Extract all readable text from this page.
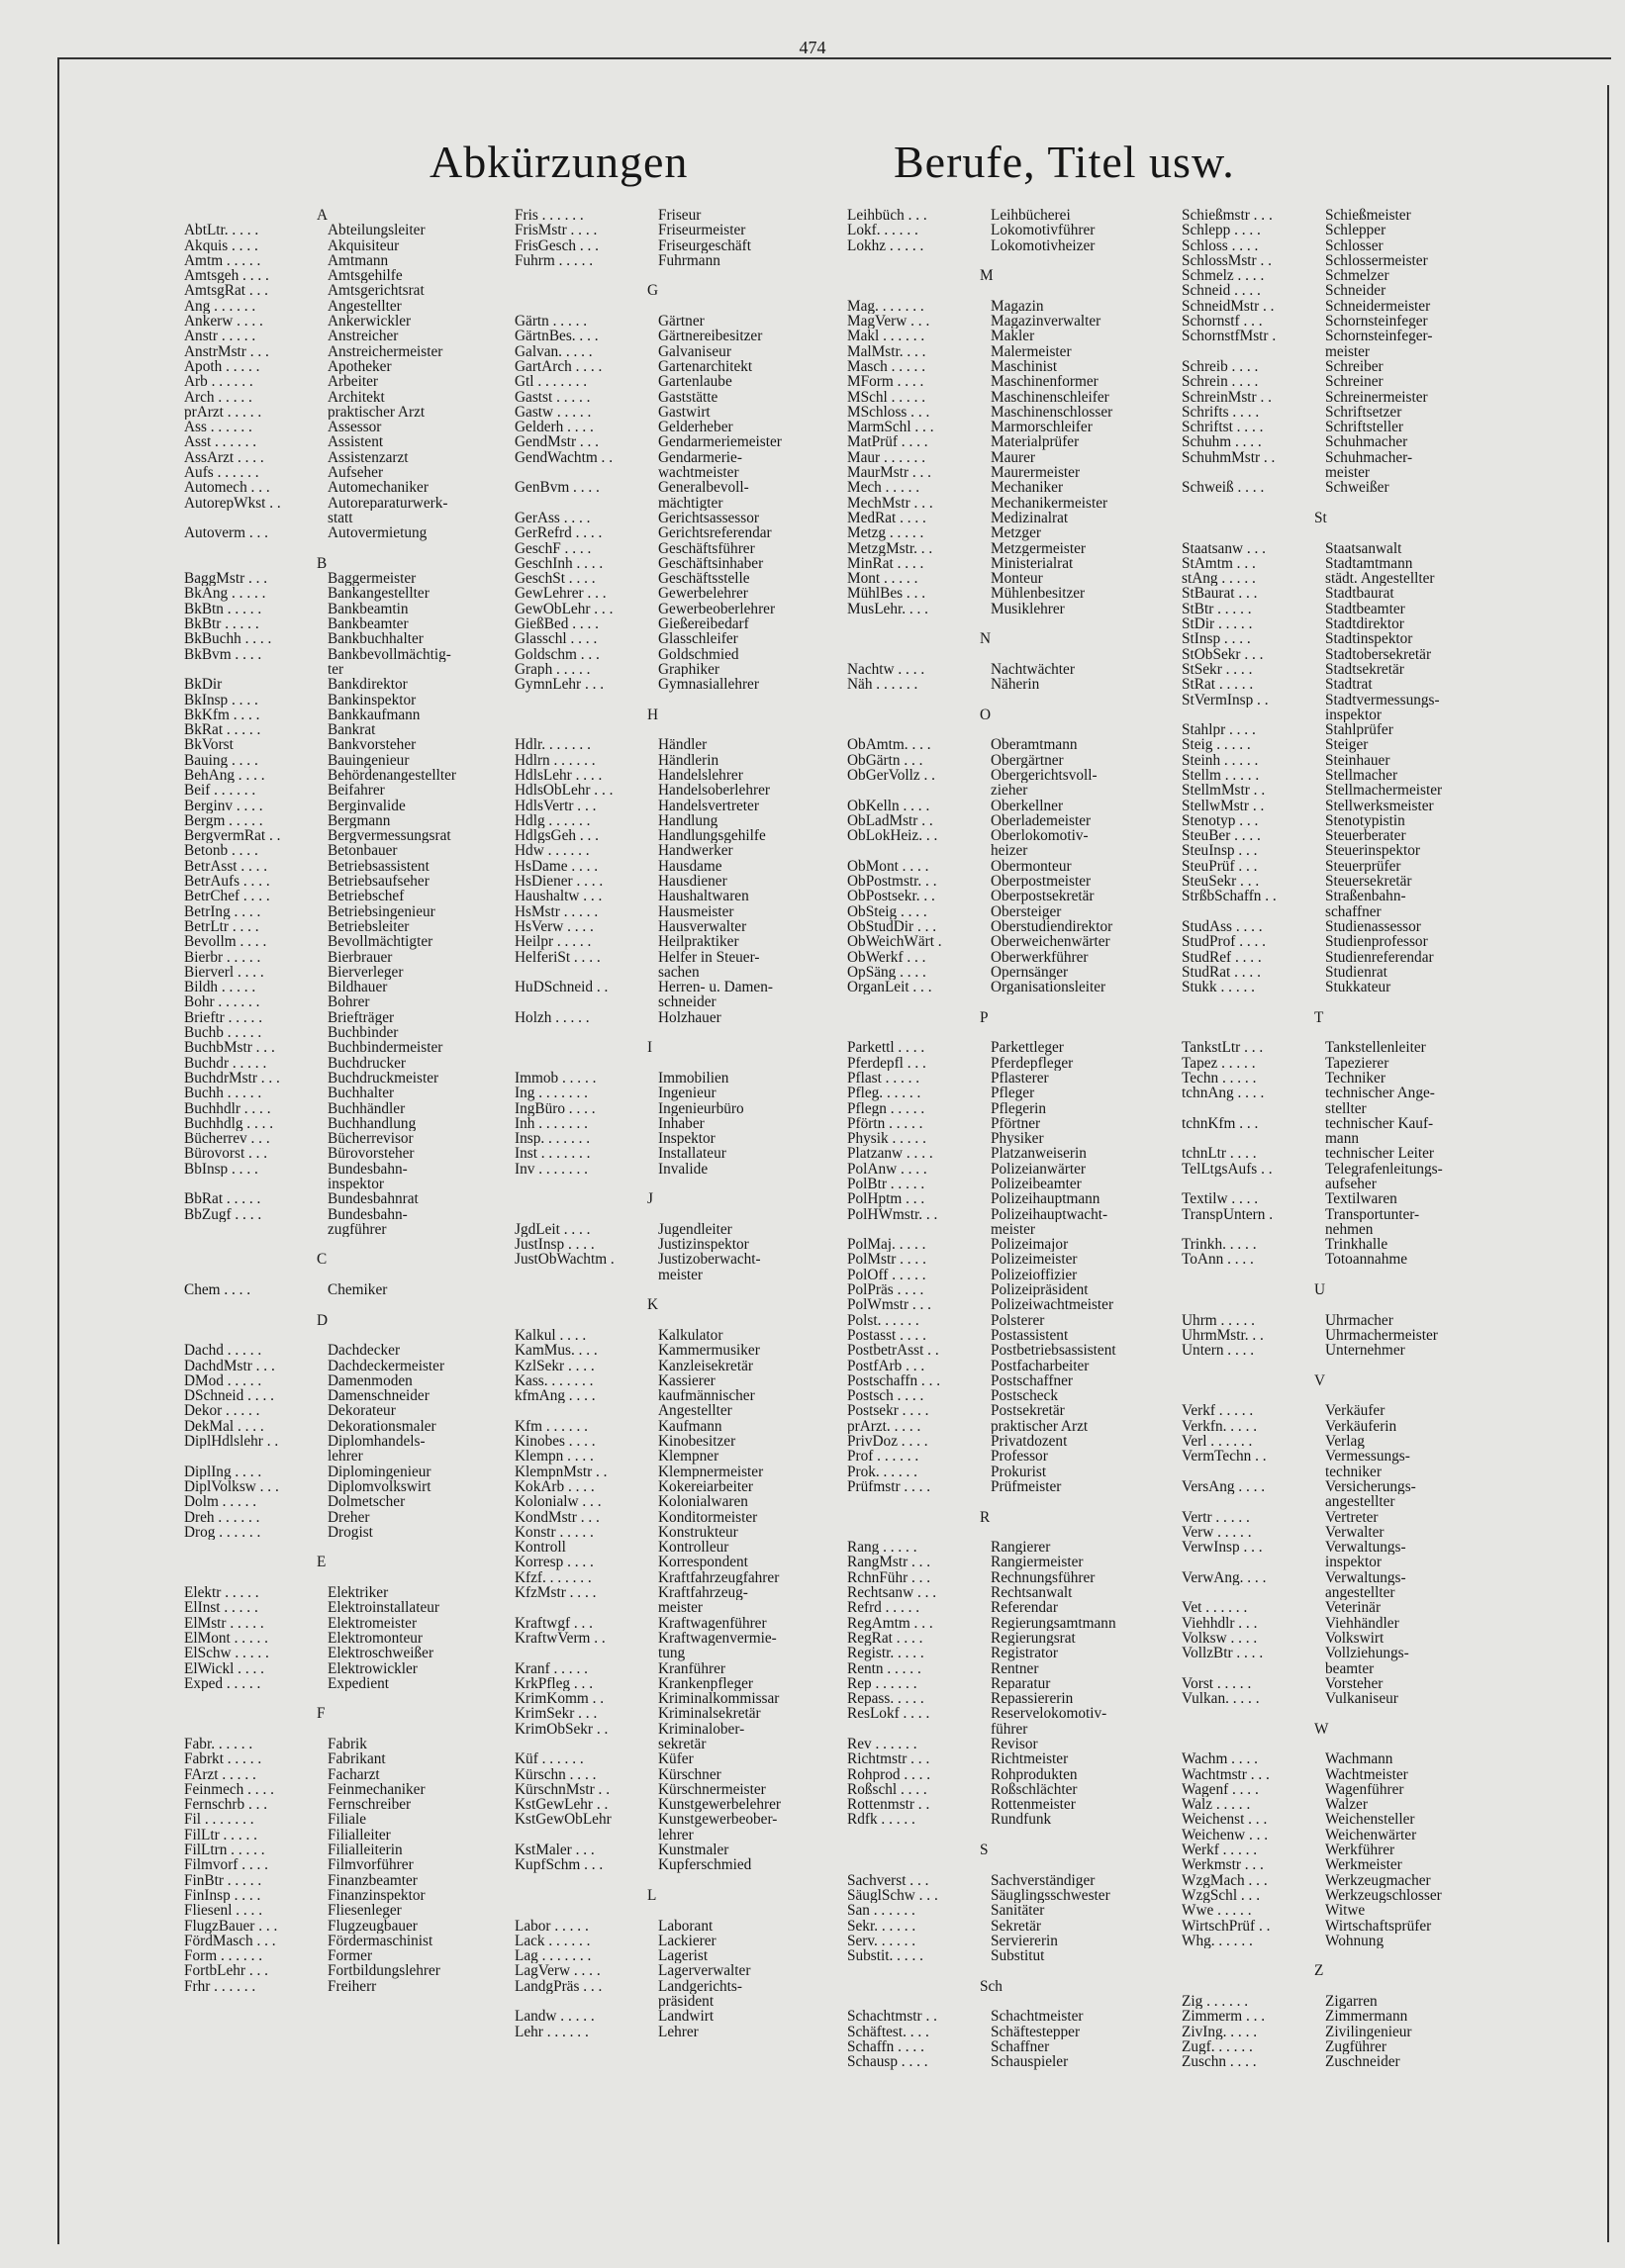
474
Abkürzungen	Berufe, Titel usw.
A
AbtLtr. . . . .	Abteilungsleiter
Akquis . . . .	Akquisiteur
Amtm . . . . .	Amtmann
Amtsgeh . . . .	Amtsgehilfe
AmtsgRat . . .	Amtsgerichtsrat
Ang . . . . . .	Angestellter
Ankerw . . . .	Ankerwickler
Anstr . . . . .	Anstreicher
AnstrMstr . . .	Anstreichermeister
Apoth . . . . .	Apotheker
Arb . . . . . .	Arbeiter
Arch . . . . .	Architekt
prArzt . . . . .	praktischer Arzt
Ass . . . . . .	Assessor
Asst . . . . . .	Assistent
AssArzt . . . .	Assistenzarzt
Aufs . . . . . .	Aufseher
Automech . . .	Automechaniker
AutorepWkst . .	Autoreparaturwerk-
statt
Autoverm . . .	Autovermietung
B
BaggMstr . . .	Baggermeister
BkAng . . . . .	Bankangestellter
BkBtn . . . . .	Bankbeamtin
BkBtr . . . . .	Bankbeamter
BkBuchh . . . .	Bankbuchhalter
BkBvm . . . .	Bankbevollmächtig-
ter
BkDir	Bankdirektor
BkInsp . . . .	Bankinspektor
BkKfm . . . .	Bankkaufmann
BkRat . . . . .	Bankrat
BkVorst	Bankvorsteher
Bauing . . . .	Bauingenieur
BehAng . . . .	Behördenangestellter
Beif . . . . . .	Beifahrer
Berginv . . . .	Berginvalide
Bergm . . . . .	Bergmann
BergvermRat . .	Bergvermessungsrat
Betonb . . . .	Betonbauer
BetrAsst . . . .	Betriebsassistent
BetrAufs . . . .	Betriebsaufseher
BetrChef . . . .	Betriebschef
BetrIng . . . .	Betriebsingenieur
BetrLtr . . . .	Betriebsleiter
Bevollm . . . .	Bevollmächtigter
Bierbr . . . . .	Bierbrauer
Bierverl . . . .	Bierverleger
Bildh . . . . .	Bildhauer
Bohr . . . . . .	Bohrer
Brieftr . . . . .	Briefträger
Buchb . . . . .	Buchbinder
BuchbMstr . . .	Buchbindermeister
Buchdr . . . . .	Buchdrucker
BuchdrMstr . . .	Buchdruckmeister
Buchh . . . . .	Buchhalter
Buchhdlr . . . .	Buchhändler
Buchhdlg . . . .	Buchhandlung
Bücherrev . . .	Bücherrevisor
Bürovorst . . .	Bürovorsteher
BbInsp . . . .	Bundesbahn-
inspektor
BbRat . . . . .	Bundesbahnrat
BbZugf . . . .	Bundesbahn-
zugführer
C
Chem . . . .	Chemiker
D
Dachd . . . . .	Dachdecker
DachdMstr . . .	Dachdeckermeister
DMod . . . . .	Damenmoden
DSchneid . . . .	Damenschneider
Dekor . . . . .	Dekorateur
DekMal . . . .	Dekorationsmaler
DiplHdlslehr . .	Diplomhandels-
lehrer
DiplIng . . . .	Diplomingenieur
DiplVolksw . . .	Diplomvolkswirt
Dolm . . . . .	Dolmetscher
Dreh . . . . . .	Dreher
Drog . . . . . .	Drogist
E
Elektr . . . . .	Elektriker
ElInst . . . . .	Elektroinstallateur
ElMstr . . . . .	Elektromeister
ElMont . . . . .	Elektromonteur
ElSchw . . . . .	Elektroschweißer
ElWickl . . . .	Elektrowickler
Exped . . . . .	Expedient
F
Fabr. . . . . .	Fabrik
Fabrkt . . . . .	Fabrikant
FArzt . . . . .	Facharzt
Feinmech . . . .	Feinmechaniker
Fernschrb . . .	Fernschreiber
Fil . . . . . . .	Filiale
FilLtr . . . . .	Filialleiter
FilLtrn . . . . .	Filialleiterin
Filmvorf . . . .	Filmvorführer
FinBtr . . . . .	Finanzbeamter
FinInsp . . . .	Finanzinspektor
Fliesenl . . . .	Fliesenleger
FlugzBauer . . .	Flugzeugbauer
FördMasch . . .	Fördermaschinist
Form . . . . . .	Former
FortbLehr . . .	Fortbildungslehrer
Frhr . . . . . .	Freiherr
Fris . . . . . .	Friseur
FrisMstr . . . .	Friseurmeister
FrisGesch . . .	Friseurgeschäft
Fuhrm . . . . .	Fuhrmann
G
Gärtn . . . . .	Gärtner
GärtnBes. . . .	Gärtnereibesitzer
Galvan. . . . .	Galvaniseur
GartArch . . . .	Gartenarchitekt
Gtl . . . . . . .	Gartenlaube
Gastst . . . . .	Gaststätte
Gastw . . . . .	Gastwirt
Gelderh . . . .	Gelderheber
GendMstr . . .	Gendarmeriemeister
GendWachtm . .	Gendarmerie-
wachtmeister
GenBvm . . . .	Generalbevoll-
mächtigter
GerAss . . . .	Gerichtsassessor
GerRefrd . . . .	Gerichtsreferendar
GeschF . . . .	Geschäftsführer
GeschInh . . . .	Geschäftsinhaber
GeschSt . . . .	Geschäftsstelle
GewLehrer . . .	Gewerbelehrer
GewObLehr . . .	Gewerbeoberlehrer
GießBed . . . .	Gießereibedarf
Glasschl . . . .	Glasschleifer
Goldschm . . .	Goldschmied
Graph . . . . .	Graphiker
GymnLehr . . .	Gymnasiallehrer
H
Hdlr. . . . . . .	Händler
Hdlrn . . . . . .	Händlerin
HdlsLehr . . . .	Handelslehrer
HdlsObLehr . . .	Handelsoberlehrer
HdlsVertr . . .	Handelsvertreter
Hdlg . . . . . .	Handlung
HdlgsGeh . . .	Handlungsgehilfe
Hdw . . . . . .	Handwerker
HsDame . . . .	Hausdame
HsDiener . . . .	Hausdiener
Haushaltw . . .	Haushaltwaren
HsMstr . . . . .	Hausmeister
HsVerw . . . .	Hausverwalter
Heilpr . . . . .	Heilpraktiker
HelferiSt . . . .	Helfer in Steuer-
sachen
HuDSchneid . .	Herren- u. Damen-
schneider
Holzh . . . . .	Holzhauer
I
Immob . . . . .	Immobilien
Ing . . . . . . .	Ingenieur
IngBüro . . . .	Ingenieurbüro
Inh . . . . . . .	Inhaber
Insp. . . . . . .	Inspektor
Inst . . . . . . .	Installateur
Inv . . . . . . .	Invalide
J
JgdLeit . . . .	Jugendleiter
JustInsp . . . .	Justizinspektor
JustObWachtm .	Justizoberwacht-
meister
K
Kalkul . . . .	Kalkulator
KamMus. . . .	Kammermusiker
KzlSekr . . . .	Kanzleisekretär
Kass. . . . . . .	Kassierer
kfmAng . . . .	kaufmännischer
Angestellter
Kfm . . . . . .	Kaufmann
Kinobes . . . .	Kinobesitzer
Klempn . . . .	Klempner
KlempnMstr . .	Klempnermeister
KokArb . . . .	Kokereiarbeiter
Kolonialw . . .	Kolonialwaren
KondMstr . . .	Konditormeister
Konstr . . . . .	Konstrukteur
Kontroll	Kontrolleur
Korresp . . . .	Korrespondent
Kfzf. . . . . . .	Kraftfahrzeugfahrer
KfzMstr . . . .	Kraftfahrzeug-
meister
Kraftwgf . . .	Kraftwagenführer
KraftwVerm . .	Kraftwagenvermie-
tung
Kranf . . . . .	Kranführer
KrkPfleg . . .	Krankenpfleger
KrimKomm . .	Kriminalkommissar
KrimSekr . . .	Kriminalsekretär
KrimObSekr . .	Kriminalober-
sekretär
Küf . . . . . .	Küfer
Kürschn . . . .	Kürschner
KürschnMstr . .	Kürschnermeister
KstGewLehr . .	Kunstgewerbelehrer
KstGewObLehr	Kunstgewerbeober-
lehrer
KstMaler . . .	Kunstmaler
KupfSchm . . .	Kupferschmied
L
Labor . . . . .	Laborant
Lack . . . . . .	Lackierer
Lag . . . . . . .	Lagerist
LagVerw . . . .	Lagerverwalter
LandgPräs . . .	Landgerichts-
präsident
Landw . . . . .	Landwirt
Lehr . . . . . .	Lehrer
Leihbüch . . .	Leihbücherei
Lokf. . . . . .	Lokomotivführer
Lokhz . . . . .	Lokomotivheizer
M
Mag. . . . . . .	Magazin
MagVerw . . .	Magazinverwalter
Makl . . . . . .	Makler
MalMstr. . . .	Malermeister
Masch . . . . .	Maschinist
MForm . . . .	Maschinenformer
MSchl . . . . .	Maschinenschleifer
MSchloss . . .	Maschinenschlosser
MarmSchl . . .	Marmorschleifer
MatPrüf . . . .	Materialprüfer
Maur . . . . . .	Maurer
MaurMstr . . .	Maurermeister
Mech . . . . .	Mechaniker
MechMstr . . .	Mechanikermeister
MedRat . . . .	Medizinalrat
Metzg . . . . .	Metzger
MetzgMstr. . .	Metzgermeister
MinRat . . . .	Ministerialrat
Mont . . . . .	Monteur
MühlBes . . .	Mühlenbesitzer
MusLehr. . . .	Musiklehrer
N
Nachtw . . . .	Nachtwächter
Näh . . . . . .	Näherin
O
ObAmtm. . . .	Oberamtmann
ObGärtn . . .	Obergärtner
ObGerVollz . .	Obergerichtsvoll-
zieher
ObKelln . . . .	Oberkellner
ObLadMstr . .	Oberlademeister
ObLokHeiz. . .	Oberlokomotiv-
heizer
ObMont . . . .	Obermonteur
ObPostmstr. . .	Oberpostmeister
ObPostsekr. . .	Oberpostsekretär
ObSteig . . . .	Obersteiger
ObStudDir . . .	Oberstudiendirektor
ObWeichWärt .	Oberweichenwärter
ObWerkf . . .	Oberwerkführer
OpSäng . . . .	Opernsänger
OrganLeit . . .	Organisationsleiter
P
Parkettl . . . .	Parkettleger
Pferdepfl . . .	Pferdepfleger
Pflast . . . . .	Pflasterer
Pfleg. . . . . .	Pfleger
Pflegn . . . . .	Pflegerin
Pförtn . . . . .	Pförtner
Physik . . . . .	Physiker
Platzanw . . . .	Platzanweiserin
PolAnw . . . .	Polizeianwärter
PolBtr . . . . .	Polizeibeamter
PolHptm . . .	Polizeihauptmann
PolHWmstr. . .	Polizeihauptwacht-
meister
PolMaj. . . . .	Polizeimajor
PolMstr . . . .	Polizeimeister
PolOff . . . . .	Polizeioffizier
PolPräs . . . .	Polizeipräsident
PolWmstr . . .	Polizeiwachtmeister
Polst. . . . . .	Polsterer
Postasst . . . .	Postassistent
PostbetrAsst . .	Postbetriebsassistent
PostfArb . . .	Postfacharbeiter
Postschaffn . . .	Postschaffner
Postsch . . . .	Postscheck
Postsekr . . . .	Postsekretär
prArzt. . . . .	praktischer Arzt
PrivDoz . . . .	Privatdozent
Prof . . . . . .	Professor
Prok. . . . . .	Prokurist
Prüfmstr . . . .	Prüfmeister
R
Rang . . . . .	Rangierer
RangMstr . . .	Rangiermeister
RchnFühr . . .	Rechnungsführer
Rechtsanw . . .	Rechtsanwalt
Refrd . . . . .	Referendar
RegAmtm . . .	Regierungsamtmann
RegRat . . . .	Regierungsrat
Registr. . . . .	Registrator
Rentn . . . . .	Rentner
Rep . . . . . .	Reparatur
Repass. . . . .	Repassiererin
ResLokf . . . .	Reservelokomotiv-
führer
Rev . . . . . .	Revisor
Richtmstr . . .	Richtmeister
Rohprod . . . .	Rohprodukten
Roßschl . . . .	Roßschlächter
Rottenmstr . .	Rottenmeister
Rdfk . . . . .	Rundfunk
S
Sachverst . . .	Sachverständiger
SäuglSchw . . .	Säuglingsschwester
San . . . . . .	Sanitäter
Sekr. . . . . .	Sekretär
Serv. . . . . .	Serviererin
Substit. . . . .	Substitut
Sch
Schachtmstr . .	Schachtmeister
Schäftest. . . .	Schäftestepper
Schaffn . . . .	Schaffner
Schausp . . . .	Schauspieler
Schießmstr . . .	Schießmeister
Schlepp . . . .	Schlepper
Schloss . . . .	Schlosser
SchlossMstr . .	Schlossermeister
Schmelz . . . .	Schmelzer
Schneid . . . .	Schneider
SchneidMstr . .	Schneidermeister
Schornstf . . .	Schornsteinfeger
SchornstfMstr .	Schornsteinfeger-
meister
Schreib . . . .	Schreiber
Schrein . . . .	Schreiner
SchreinMstr . .	Schreinermeister
Schrifts . . . .	Schriftsetzer
Schriftst . . . .	Schriftsteller
Schuhm . . . .	Schuhmacher
SchuhmMstr . .	Schuhmacher-
meister
Schweiß . . . .	Schweißer
St
Staatsanw . . .	Staatsanwalt
StAmtm . . .	Stadtamtmann
stAng . . . . .	städt. Angestellter
StBaurat . . .	Stadtbaurat
StBtr . . . . .	Stadtbeamter
StDir . . . . .	Stadtdirektor
StInsp . . . .	Stadtinspektor
StObSekr . . .	Stadtobersekretär
StSekr . . . .	Stadtsekretär
StRat . . . . .	Stadtrat
StVermInsp . .	Stadtvermessungs-
inspektor
Stahlpr . . . .	Stahlprüfer
Steig . . . . .	Steiger
Steinh . . . . .	Steinhauer
Stellm . . . . .	Stellmacher
StellmMstr . .	Stellmachermeister
StellwMstr . .	Stellwerksmeister
Stenotyp . . .	Stenotypistin
SteuBer . . . .	Steuerberater
SteuInsp . . .	Steuerinspektor
SteuPrüf . . .	Steuerprüfer
SteuSekr . . .	Steuersekretär
StrßbSchaffn . .	Straßenbahn-
schaffner
StudAss . . . .	Studienassessor
StudProf . . . .	Studienprofessor
StudRef . . . .	Studienreferendar
StudRat . . . .	Studienrat
Stukk . . . . .	Stukkateur
T
TankstLtr . . .	Tankstellenleiter
Tapez . . . . .	Tapezierer
Techn . . . . .	Techniker
tchnAng . . . .	technischer Ange-
stellter
tchnKfm . . .	technischer Kauf-
mann
tchnLtr . . . .	technischer Leiter
TelLtgsAufs . .	Telegrafenleitungs-
aufseher
Textilw . . . .	Textilwaren
TranspUntern .	Transportunter-
nehmen
Trinkh. . . . .	Trinkhalle
ToAnn . . . .	Totoannahme
U
Uhrm . . . . .	Uhrmacher
UhrmMstr. . .	Uhrmachermeister
Untern . . . .	Unternehmer
V
Verkf . . . . .	Verkäufer
Verkfn. . . . .	Verkäuferin
Verl . . . . . .	Verlag
VermTechn . .	Vermessungs-
techniker
VersAng . . . .	Versicherungs-
angestellter
Vertr . . . . .	Vertreter
Verw . . . . .	Verwalter
VerwInsp . . .	Verwaltungs-
inspektor
VerwAng. . . .	Verwaltungs-
angestellter
Vet . . . . . .	Veterinär
Viehhdlr . . .	Viehhändler
Volksw . . . .	Volkswirt
VollzBtr . . . .	Vollziehungs-
beamter
Vorst . . . . .	Vorsteher
Vulkan. . . . .	Vulkaniseur
W
Wachm . . . .	Wachmann
Wachtmstr . . .	Wachtmeister
Wagenf . . . .	Wagenführer
Walz . . . . .	Walzer
Weichenst . . .	Weichensteller
Weichenw . . .	Weichenwärter
Werkf . . . . .	Werkführer
Werkmstr . . .	Werkmeister
WzgMach . . .	Werkzeugmacher
WzgSchl . . .	Werkzeugschlosser
Wwe . . . . .	Witwe
WirtschPrüf . .	Wirtschaftsprüfer
Whg. . . . . .	Wohnung
Z
Zig . . . . . .	Zigarren
Zimmerm . . .	Zimmermann
ZivIng. . . . .	Zivilingenieur
Zugf. . . . . .	Zugführer
Zuschn . . . .	Zuschneider
